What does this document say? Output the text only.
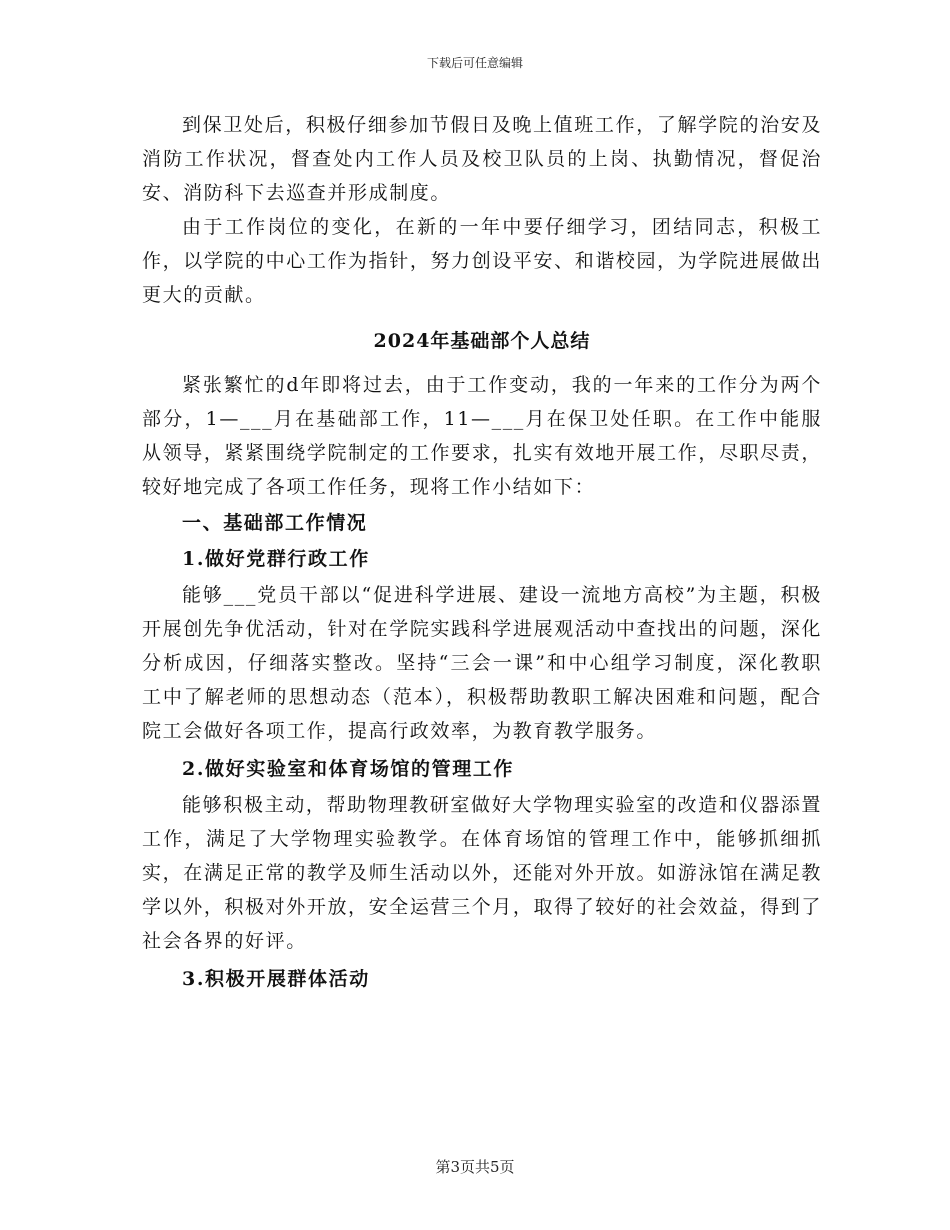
下载后可任意编辑

到保卫处后，积极仔细参加节假日及晚上值班工作，了解学院的治安及消防工作状况，督查处内工作人员及校卫队员的上岗、执勤情况，督促治安、消防科下去巡查并形成制度。

由于工作岗位的变化，在新的一年中要仔细学习，团结同志，积极工作，以学院的中心工作为指针，努力创设平安、和谐校园，为学院进展做出更大的贡献。

2024年基础部个人总结

紧张繁忙的d年即将过去，由于工作变动，我的一年来的工作分为两个部分，1—___月在基础部工作，11—___月在保卫处任职。在工作中能服从领导，紧紧围绕学院制定的工作要求，扎实有效地开展工作，尽职尽责，较好地完成了各项工作任务，现将工作小结如下：

一、基础部工作情况

1.做好党群行政工作

能够___党员干部以“促进科学进展、建设一流地方高校”为主题，积极开展创先争优活动，针对在学院实践科学进展观活动中查找出的问题，深化分析成因，仔细落实整改。坚持“三会一课”和中心组学习制度，深化教职工中了解老师的思想动态（范本），积极帮助教职工解决困难和问题，配合院工会做好各项工作，提高行政效率，为教育教学服务。

2.做好实验室和体育场馆的管理工作

能够积极主动，帮助物理教研室做好大学物理实验室的改造和仪器添置工作，满足了大学物理实验教学。在体育场馆的管理工作中，能够抓细抓实，在满足正常的教学及师生活动以外，还能对外开放。如游泳馆在满足教学以外，积极对外开放，安全运营三个月，取得了较好的社会效益，得到了社会各界的好评。

3.积极开展群体活动

第3页共5页
